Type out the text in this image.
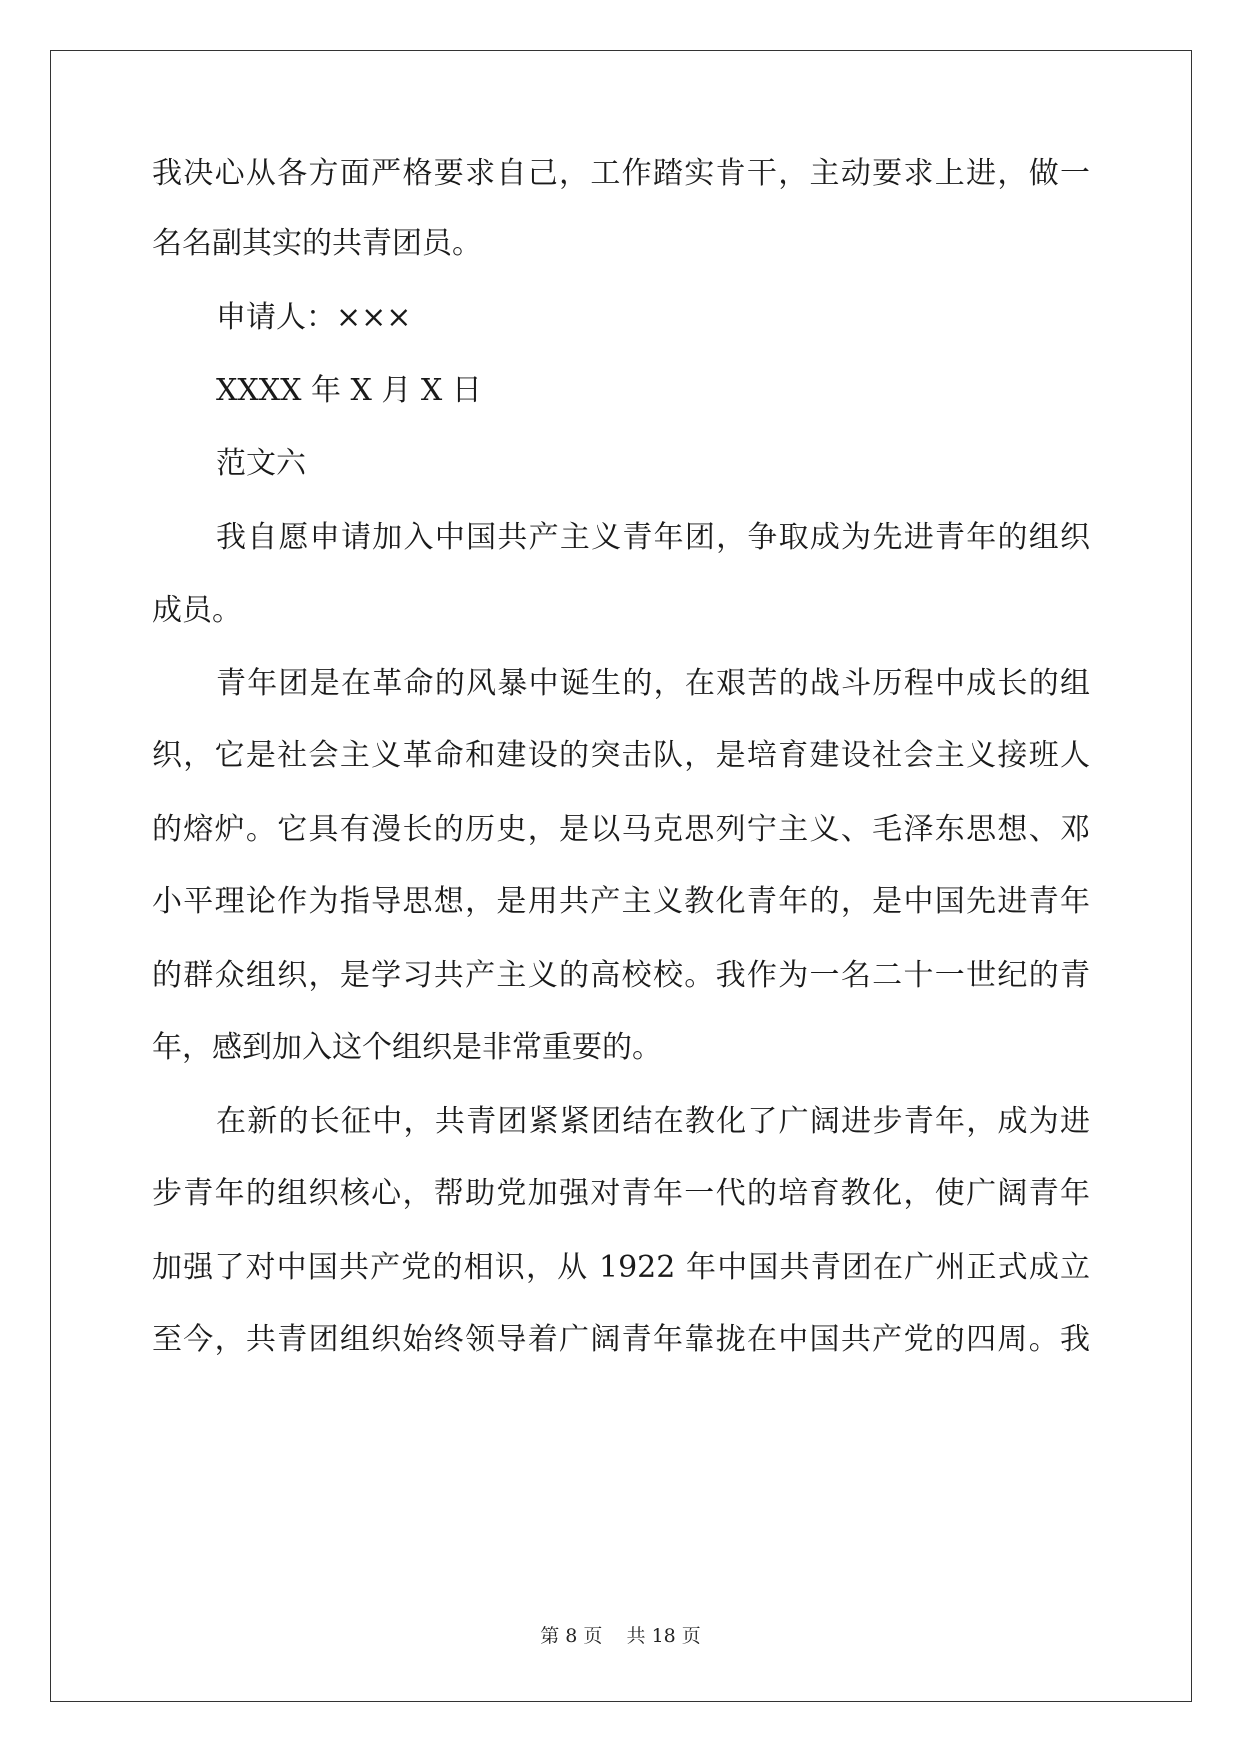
我决心从各方面严格要求自己，工作踏实肯干，主动要求上进，做一
名名副其实的共青团员。
申请人：×××
XXXX 年 X 月 X 日
范文六
我自愿申请加入中国共产主义青年团，争取成为先进青年的组织
成员。
青年团是在革命的风暴中诞生的，在艰苦的战斗历程中成长的组
织，它是社会主义革命和建设的突击队，是培育建设社会主义接班人
的熔炉。它具有漫长的历史，是以马克思列宁主义、毛泽东思想、邓
小平理论作为指导思想，是用共产主义教化青年的，是中国先进青年
的群众组织，是学习共产主义的高校校。我作为一名二十一世纪的青
年，感到加入这个组织是非常重要的。
在新的长征中，共青团紧紧团结在教化了广阔进步青年，成为进
步青年的组织核心，帮助党加强对青年一代的培育教化，使广阔青年
加强了对中国共产党的相识，从 1922 年中国共青团在广州正式成立
至今，共青团组织始终领导着广阔青年靠拢在中国共产党的四周。我
第 8 页    共 18 页
